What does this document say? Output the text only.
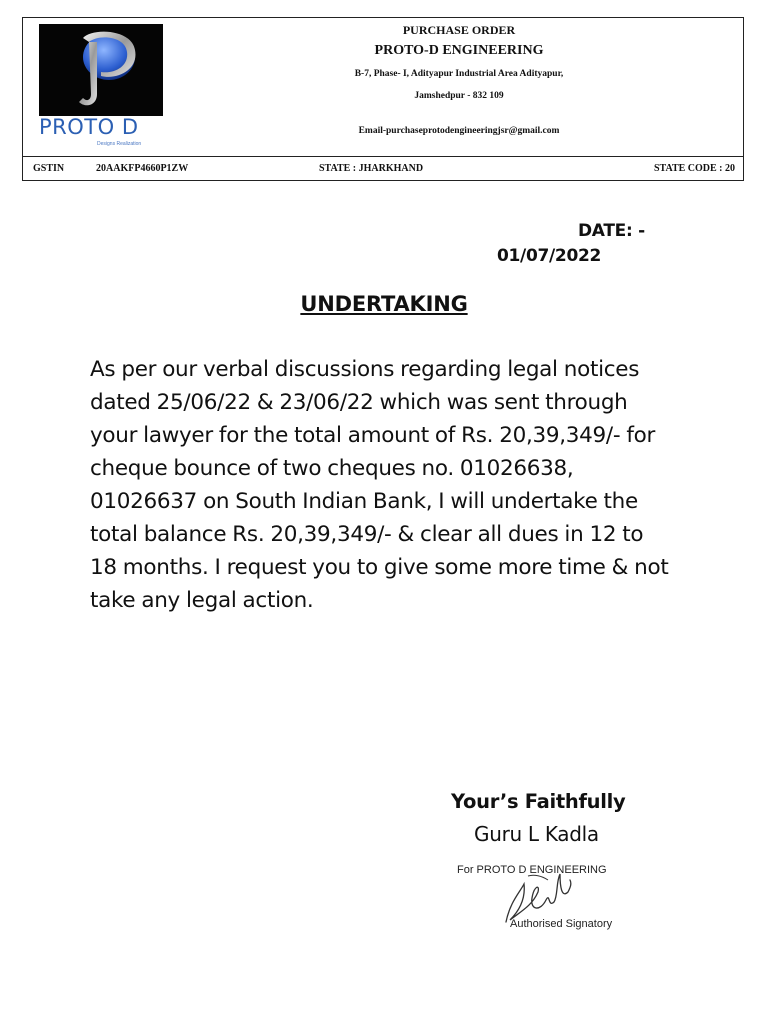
PROTO D
Designs Realization
PURCHASE ORDER
PROTO-D ENGINEERING
B-7, Phase- I, Adityapur Industrial Area Adityapur,
Jamshedpur - 832 109
Email-purchaseprotodengineeringjsr@gmail.com
GSTIN	20AAKFP4660P1ZW	STATE : JHARKHAND	STATE CODE : 20
DATE: -
01/07/2022
UNDERTAKING
As per our verbal discussions regarding legal notices dated 25/06/22 & 23/06/22 which was sent through your lawyer for the total amount of Rs. 20,39,349/- for cheque bounce of two cheques no. 01026638, 01026637 on South Indian Bank, I will undertake the total balance Rs. 20,39,349/- & clear all dues in 12 to 18 months. I request you to give some more time & not take any legal action.
Your’s Faithfully
Guru L Kadla
For PROTO D ENGINEERING
Authorised Signatory
